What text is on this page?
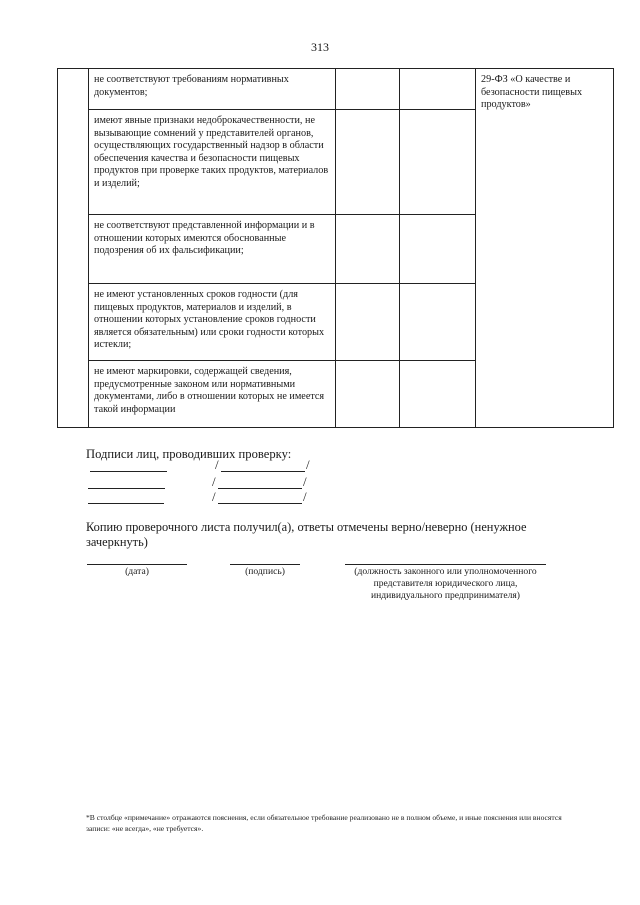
313
	не соответствуют требованиям нормативных документов;			29-ФЗ «О качестве и безопасности пищевых продуктов»
	имеют явные признаки недоброкачественности, не вызывающие сомнений у представителей органов, осуществляющих государственный надзор в области обеспечения качества и безопасности пищевых продуктов при проверке таких продуктов, материалов и изделий;			
	не соответствуют представленной информации и в отношении которых имеются обоснованные подозрения об их фальсификации;			
	не имеют установленных сроков годности (для пищевых продуктов, материалов и изделий, в отношении которых установление сроков годности является обязательным) или сроки годности которых истекли;			
	не имеют маркировки, содержащей сведения, предусмотренные законом или нормативными документами, либо в отношении которых не имеется такой информации			
Подписи лиц, проводивших проверку:
/	/
/	/
/	/
Копию проверочного листа получил(а), ответы отмечены верно/неверно (ненужное зачеркнуть)
(дата)	(подпись)	(должность законного или уполномоченного представителя юридического лица, индивидуального предпринимателя)
*В столбце «примечание» отражаются пояснения, если обязательное требование реализовано не в полном объеме, и иные пояснения или вносятся записи: «не всегда», «не требуется».
